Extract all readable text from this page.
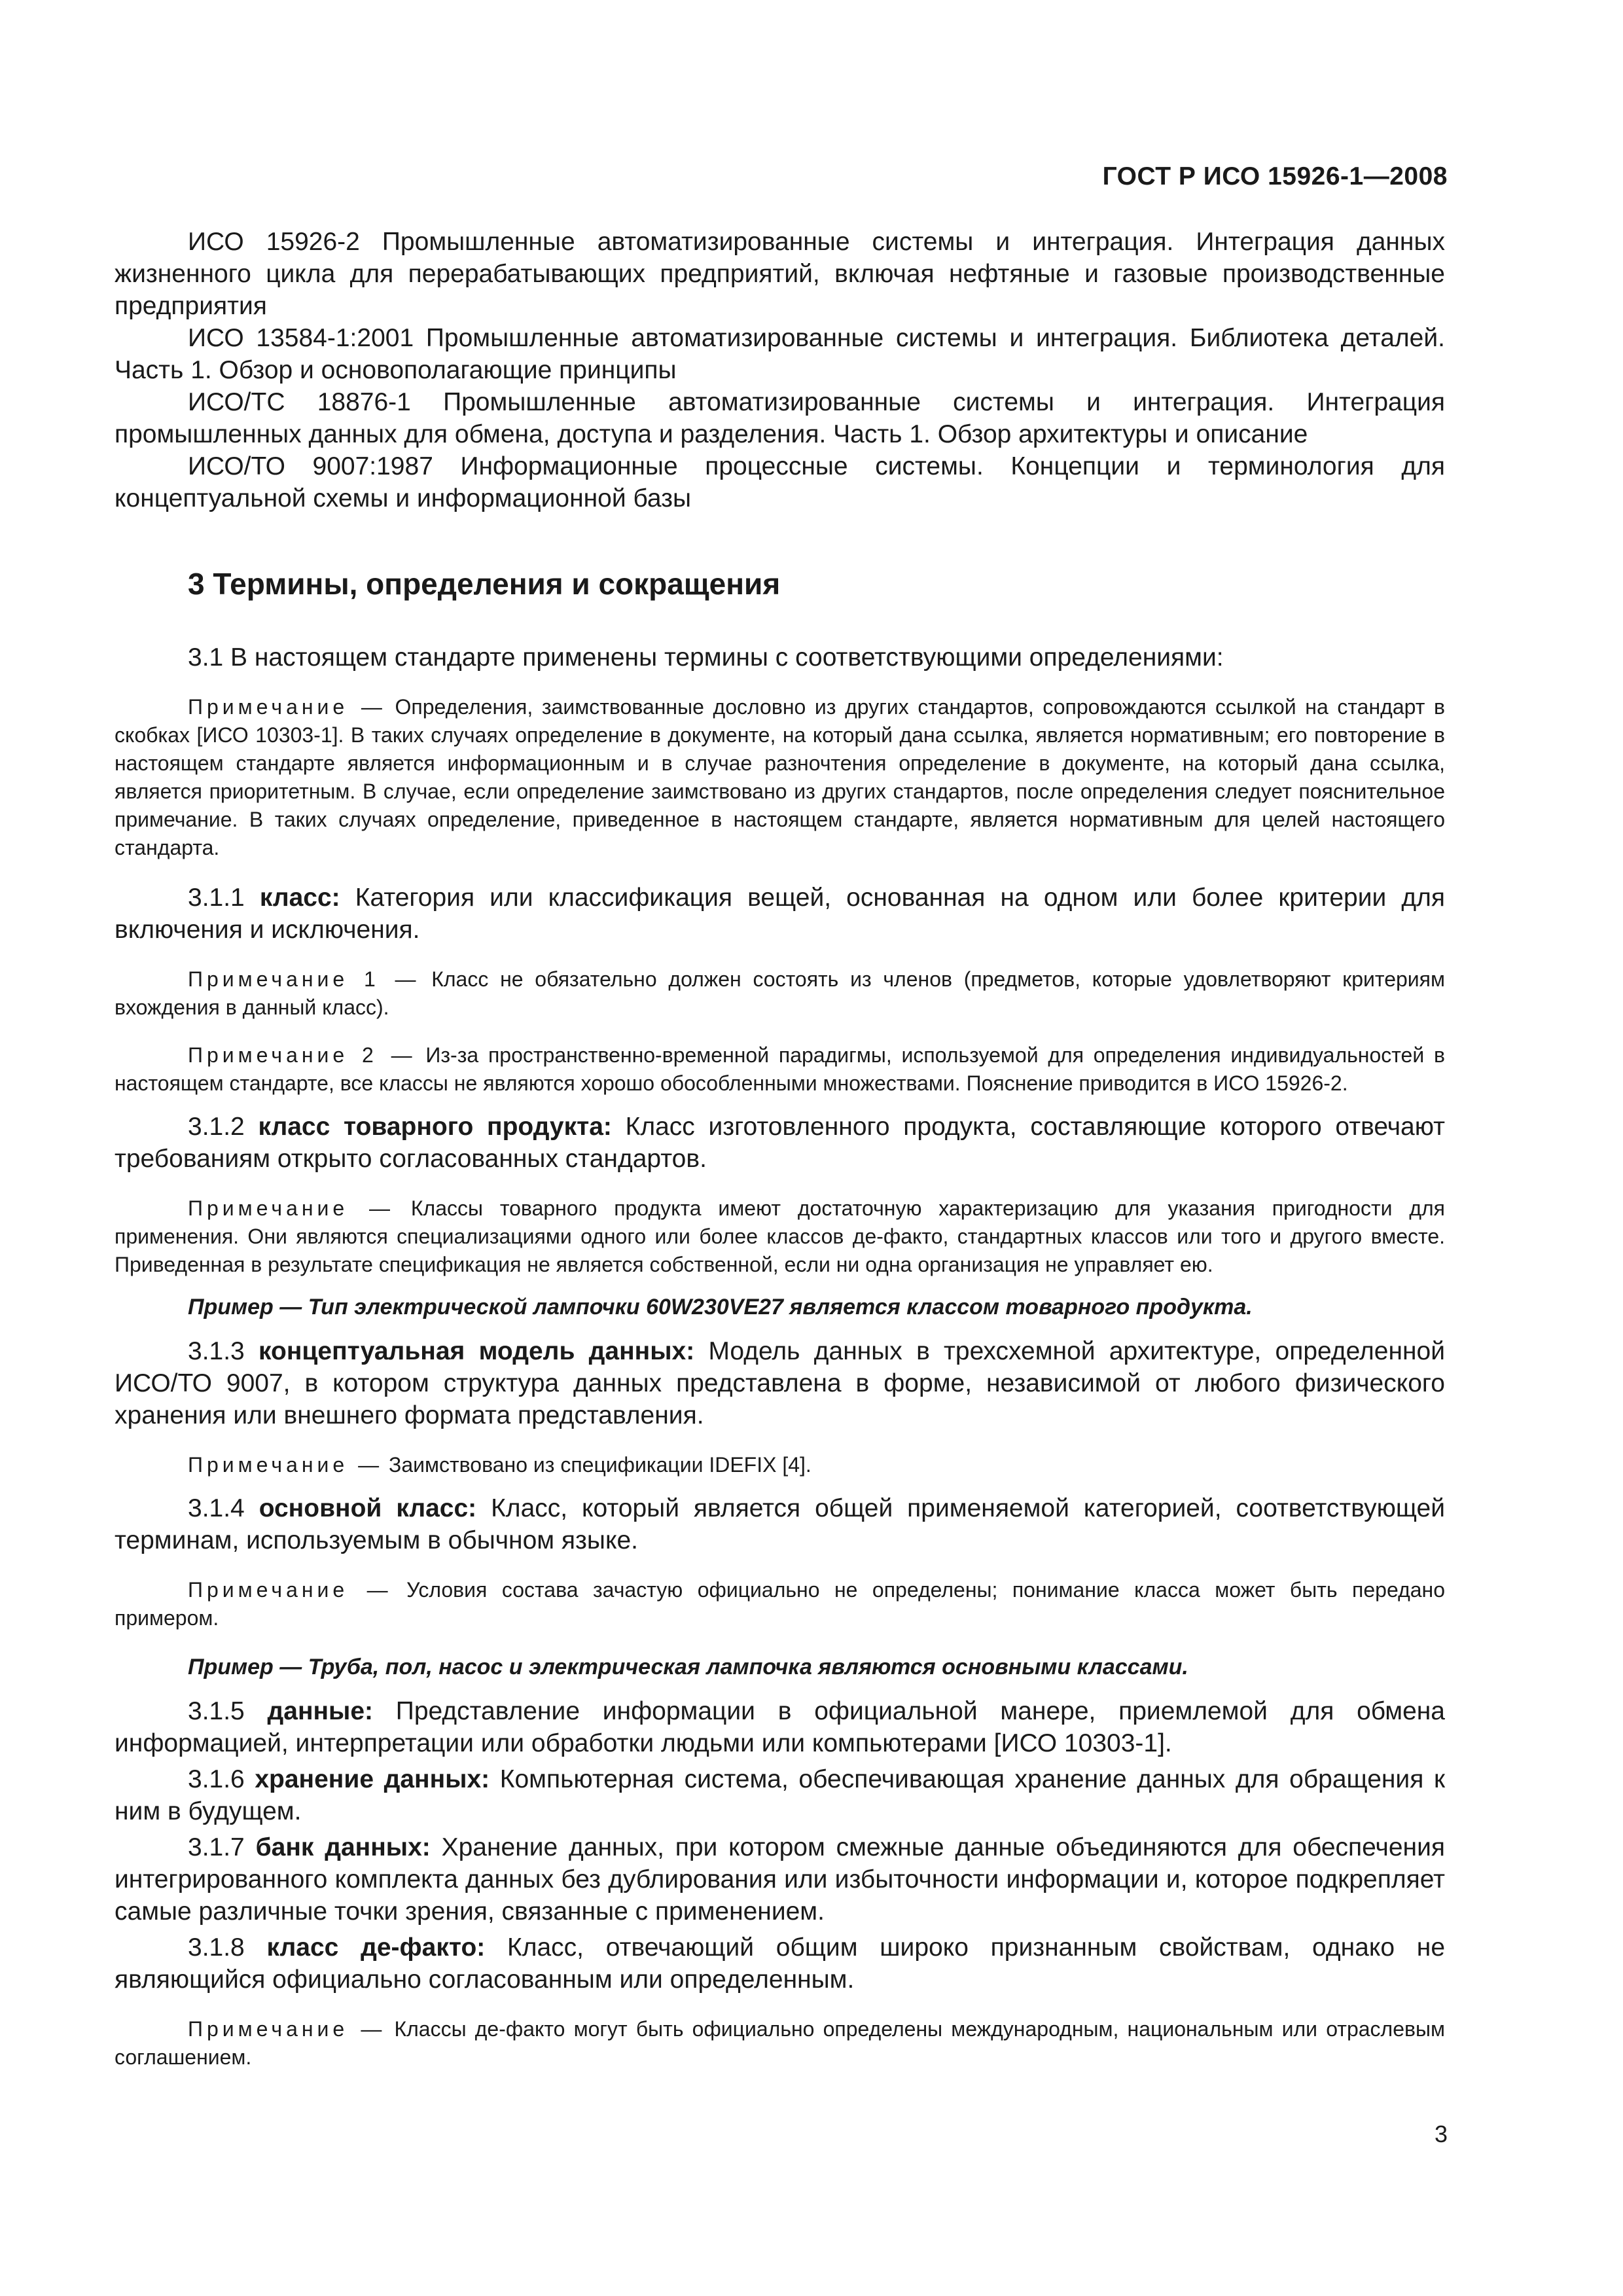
ГОСТ Р ИСО 15926-1—2008

ИСО 15926-2 Промышленные автоматизированные системы и интеграция. Интеграция данных жизненного цикла для перерабатывающих предприятий, включая нефтяные и газовые производственные предприятия

ИСО 13584-1:2001 Промышленные автоматизированные системы и интеграция. Библиотека деталей. Часть 1. Обзор и основополагающие принципы

ИСО/ТС 18876-1 Промышленные автоматизированные системы и интеграция. Интеграция промышленных данных для обмена, доступа и разделения. Часть 1. Обзор архитектуры и описание

ИСО/ТО 9007:1987 Информационные процессные системы. Концепции и терминология для концептуальной схемы и информационной базы

3 Термины, определения и сокращения

3.1 В настоящем стандарте применены термины с соответствующими определениями:

Примечание — Определения, заимствованные дословно из других стандартов, сопровождаются ссылкой на стандарт в скобках [ИСО 10303-1]. В таких случаях определение в документе, на который дана ссылка, является нормативным; его повторение в настоящем стандарте является информационным и в случае разночтения определение в документе, на который дана ссылка, является приоритетным. В случае, если определение заимствовано из других стандартов, после определения следует пояснительное примечание. В таких случаях определение, приведенное в настоящем стандарте, является нормативным для целей настоящего стандарта.

3.1.1 класс: Категория или классификация вещей, основанная на одном или более критерии для включения и исключения.

Примечание 1 — Класс не обязательно должен состоять из членов (предметов, которые удовлетворяют критериям вхождения в данный класс).

Примечание 2 — Из-за пространственно-временной парадигмы, используемой для определения индивидуальностей в настоящем стандарте, все классы не являются хорошо обособленными множествами. Пояснение приводится в ИСО 15926-2.

3.1.2 класс товарного продукта: Класс изготовленного продукта, составляющие которого отвечают требованиям открыто согласованных стандартов.

Примечание — Классы товарного продукта имеют достаточную характеризацию для указания пригодности для применения. Они являются специализациями одного или более классов де-факто, стандартных классов или того и другого вместе. Приведенная в результате спецификация не является собственной, если ни одна организация не управляет ею.

Пример — Тип электрической лампочки 60W230VE27 является классом товарного продукта.

3.1.3 концептуальная модель данных: Модель данных в трехсхемной архитектуре, определенной ИСО/ТО 9007, в котором структура данных представлена в форме, независимой от любого физического хранения или внешнего формата представления.

Примечание — Заимствовано из спецификации IDEFIX [4].

3.1.4 основной класс: Класс, который является общей применяемой категорией, соответствующей терминам, используемым в обычном языке.

Примечание — Условия состава зачастую официально не определены; понимание класса может быть передано примером.

Пример — Труба, пол, насос и электрическая лампочка являются основными классами.

3.1.5 данные: Представление информации в официальной манере, приемлемой для обмена информацией, интерпретации или обработки людьми или компьютерами [ИСО 10303-1].

3.1.6 хранение данных: Компьютерная система, обеспечивающая хранение данных для обращения к ним в будущем.

3.1.7 банк данных: Хранение данных, при котором смежные данные объединяются для обеспечения интегрированного комплекта данных без дублирования или избыточности информации и, которое подкрепляет самые различные точки зрения, связанные с применением.

3.1.8 класс де-факто: Класс, отвечающий общим широко признанным свойствам, однако не являющийся официально согласованным или определенным.

Примечание — Классы де-факто могут быть официально определены международным, национальным или отраслевым соглашением.

3
